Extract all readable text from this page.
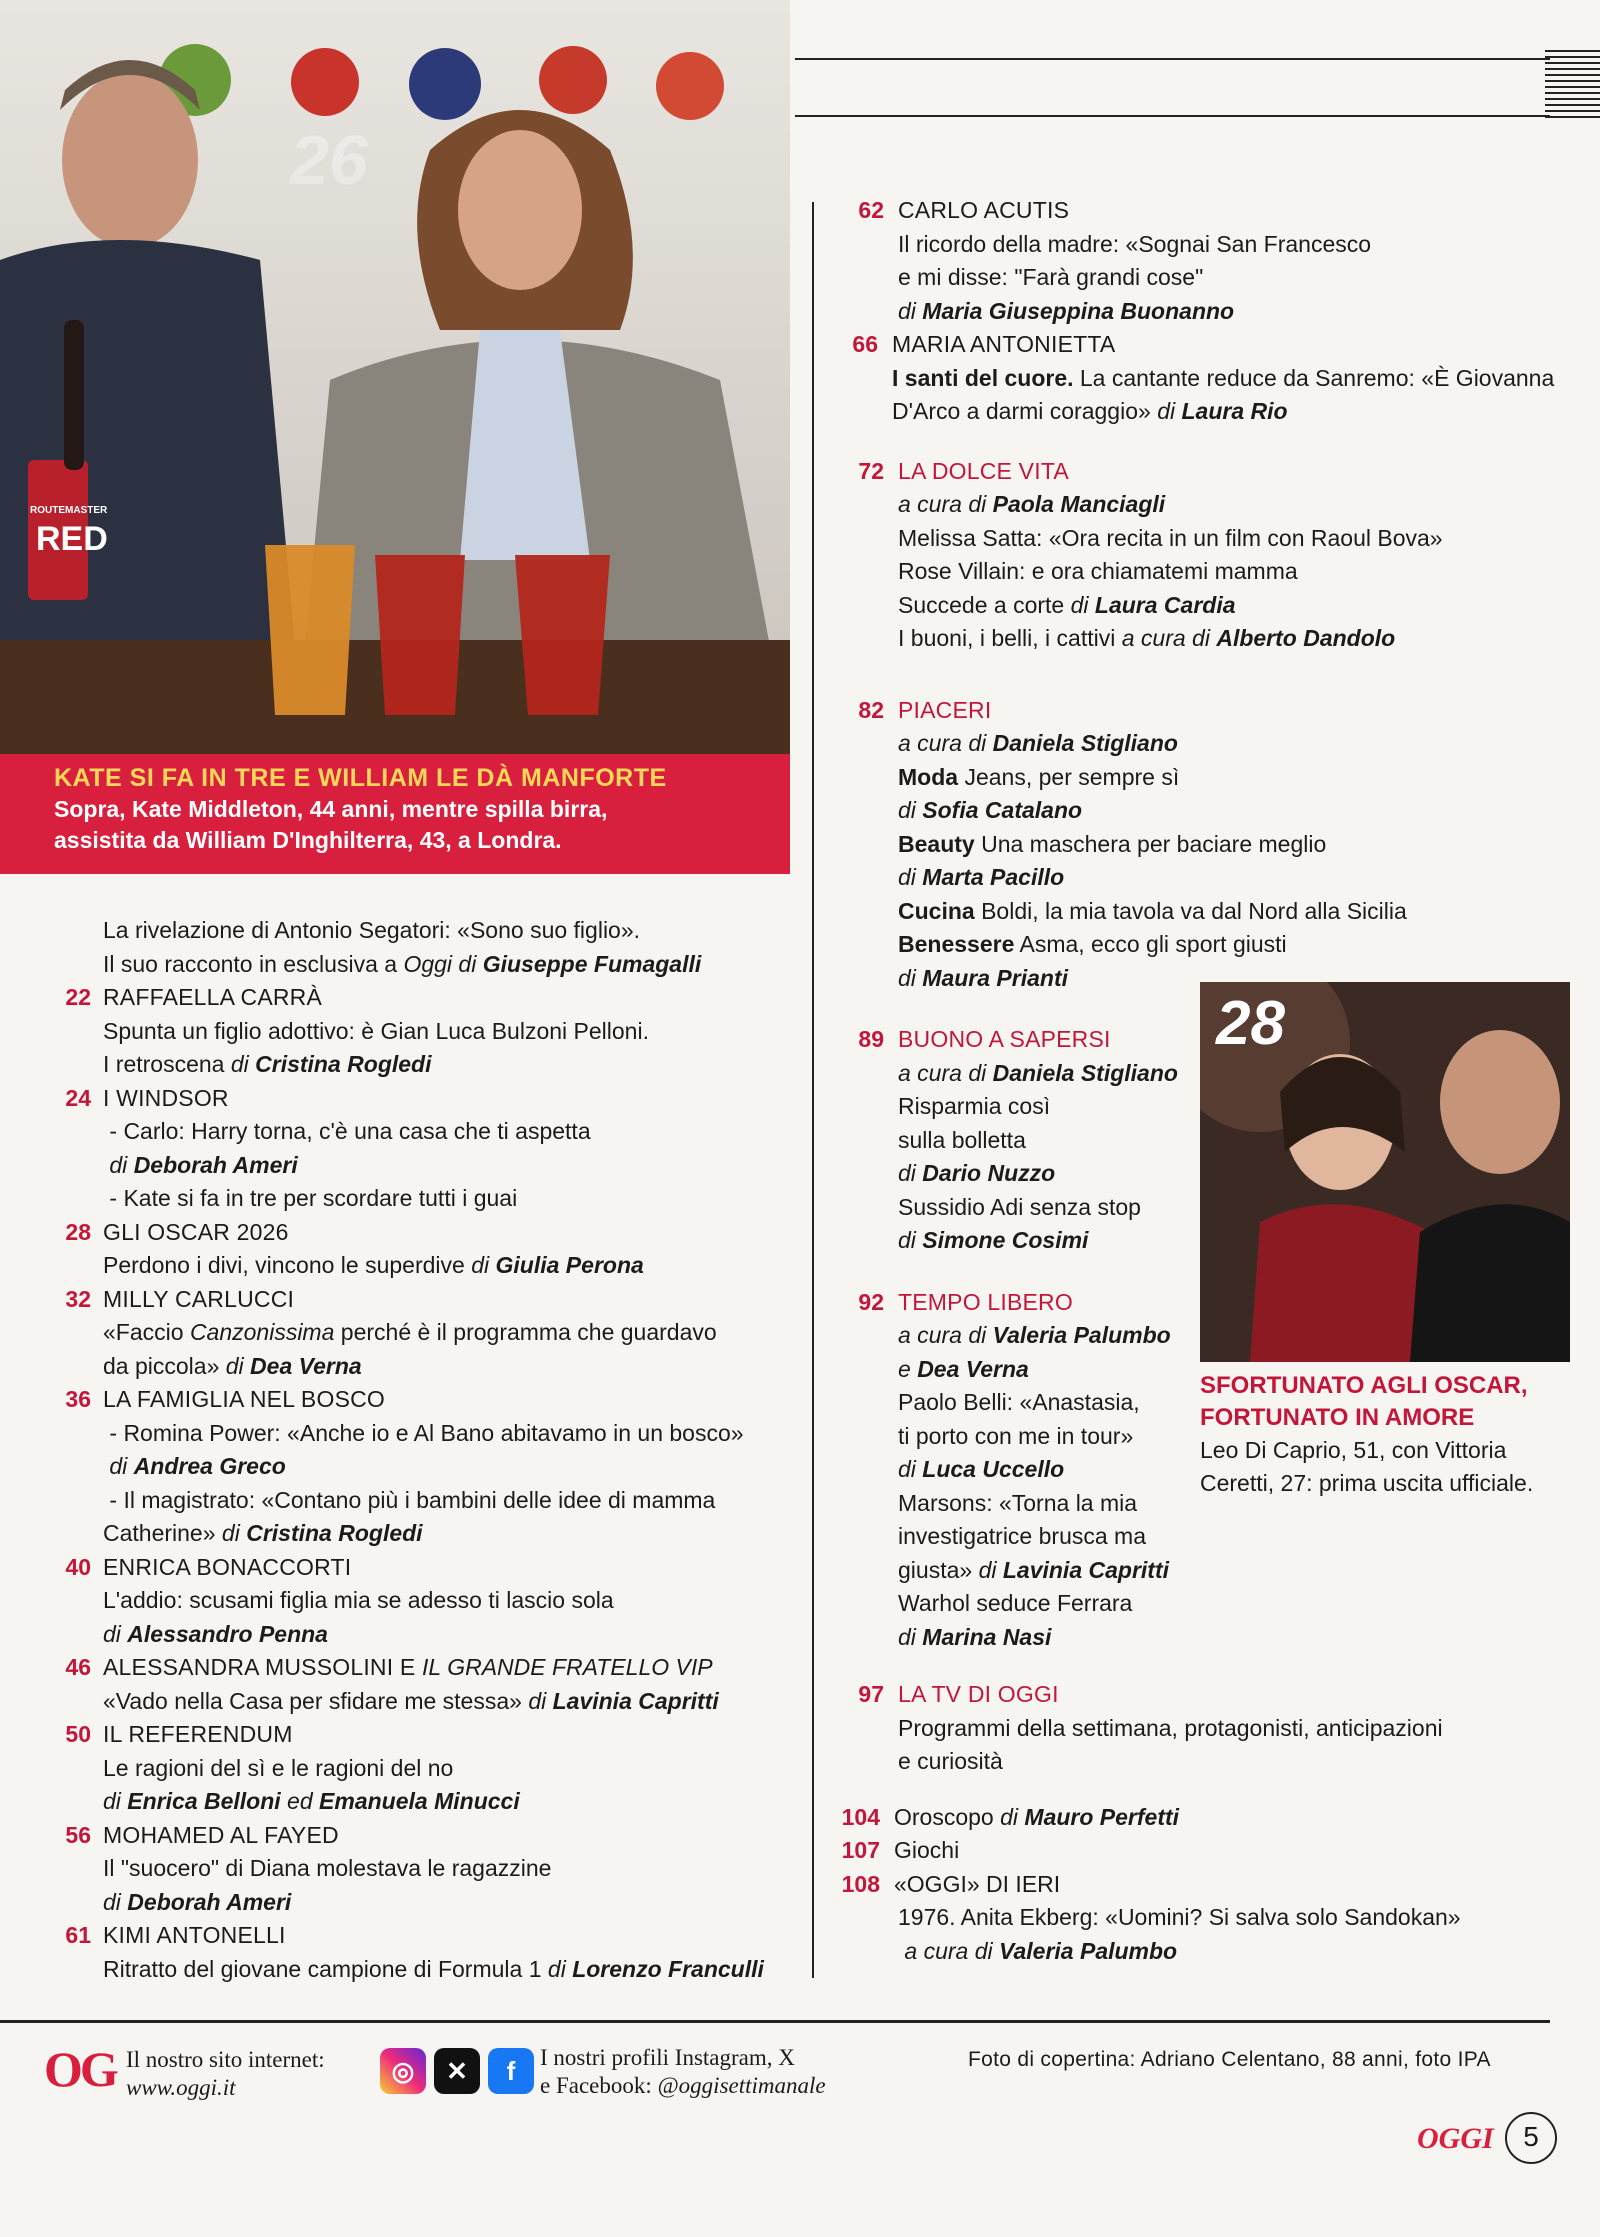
26
ROUTEMASTER
RED
KATE SI FA IN TRE E WILLIAM LE DÀ MANFORTE
Sopra, Kate Middleton, 44 anni, mentre spilla birra,
assistita da William D'Inghilterra, 43, a Londra.
La rivelazione di Antonio Segatori: «Sono suo figlio».
Il suo racconto in esclusiva a Oggi di Giuseppe Fumagalli
22 RAFFAELLA CARRÀ
Spunta un figlio adottivo: è Gian Luca Bulzoni Pelloni.
I retroscena di Cristina Rogledi
24 I WINDSOR
- Carlo: Harry torna, c'è una casa che ti aspetta
di Deborah Ameri
- Kate si fa in tre per scordare tutti i guai
28 GLI OSCAR 2026
Perdono i divi, vincono le superdive di Giulia Perona
32 MILLY CARLUCCI
«Faccio Canzonissima perché è il programma che guardavo
da piccola» di Dea Verna
36 LA FAMIGLIA NEL BOSCO
- Romina Power: «Anche io e Al Bano abitavamo in un bosco»
di Andrea Greco
- Il magistrato: «Contano più i bambini delle idee di mamma
Catherine» di Cristina Rogledi
40 ENRICA BONACCORTI
L'addio: scusami figlia mia se adesso ti lascio sola
di Alessandro Penna
46 ALESSANDRA MUSSOLINI E IL GRANDE FRATELLO VIP
«Vado nella Casa per sfidare me stessa» di Lavinia Capritti
50 IL REFERENDUM
Le ragioni del sì e le ragioni del no
di Enrica Belloni ed Emanuela Minucci
56 MOHAMED AL FAYED
Il "suocero" di Diana molestava le ragazzine
di Deborah Ameri
61 KIMI ANTONELLI
Ritratto del giovane campione di Formula 1 di Lorenzo Franculli
62 CARLO ACUTIS
Il ricordo della madre: «Sognai San Francesco
e mi disse: "Farà grandi cose"
di Maria Giuseppina Buonanno
66 MARIA ANTONIETTA
I santi del cuore. La cantante reduce da Sanremo: «È Giovanna
D'Arco a darmi coraggio» di Laura Rio
72 LA DOLCE VITA
a cura di Paola Manciagli
Melissa Satta: «Ora recita in un film con Raoul Bova»
Rose Villain: e ora chiamatemi mamma
Succede a corte di Laura Cardia
I buoni, i belli, i cattivi a cura di Alberto Dandolo
82 PIACERI
a cura di Daniela Stigliano
Moda Jeans, per sempre sì
di Sofia Catalano
Beauty Una maschera per baciare meglio
di Marta Pacillo
Cucina Boldi, la mia tavola va dal Nord alla Sicilia
Benessere Asma, ecco gli sport giusti
di Maura Prianti
89 BUONO A SAPERSI
a cura di Daniela Stigliano
Risparmia così
sulla bolletta
di Dario Nuzzo
Sussidio Adi senza stop
di Simone Cosimi
92 TEMPO LIBERO
a cura di Valeria Palumbo
e Dea Verna
Paolo Belli: «Anastasia,
ti porto con me in tour»
di Luca Uccello
Marsons: «Torna la mia
investigatrice brusca ma
giusta» di Lavinia Capritti
Warhol seduce Ferrara
di Marina Nasi
97 LA TV DI OGGI
Programmi della settimana, protagonisti, anticipazioni
e curiosità
104 Oroscopo di Mauro Perfetti
107 Giochi
108 «OGGI» DI IERI
1976. Anita Ekberg: «Uomini? Si salva solo Sandokan»
a cura di Valeria Palumbo
28
SFORTUNATO AGLI OSCAR,
FORTUNATO IN AMORE
Leo Di Caprio, 51, con Vittoria
Ceretti, 27: prima uscita ufficiale.
OG Il nostro sito internet:
www.oggi.it
◎	✕	f	I nostri profili Instagram, X
e Facebook: @oggisettimanale
Foto di copertina: Adriano Celentano, 88 anni, foto IPA
OGGI	5
